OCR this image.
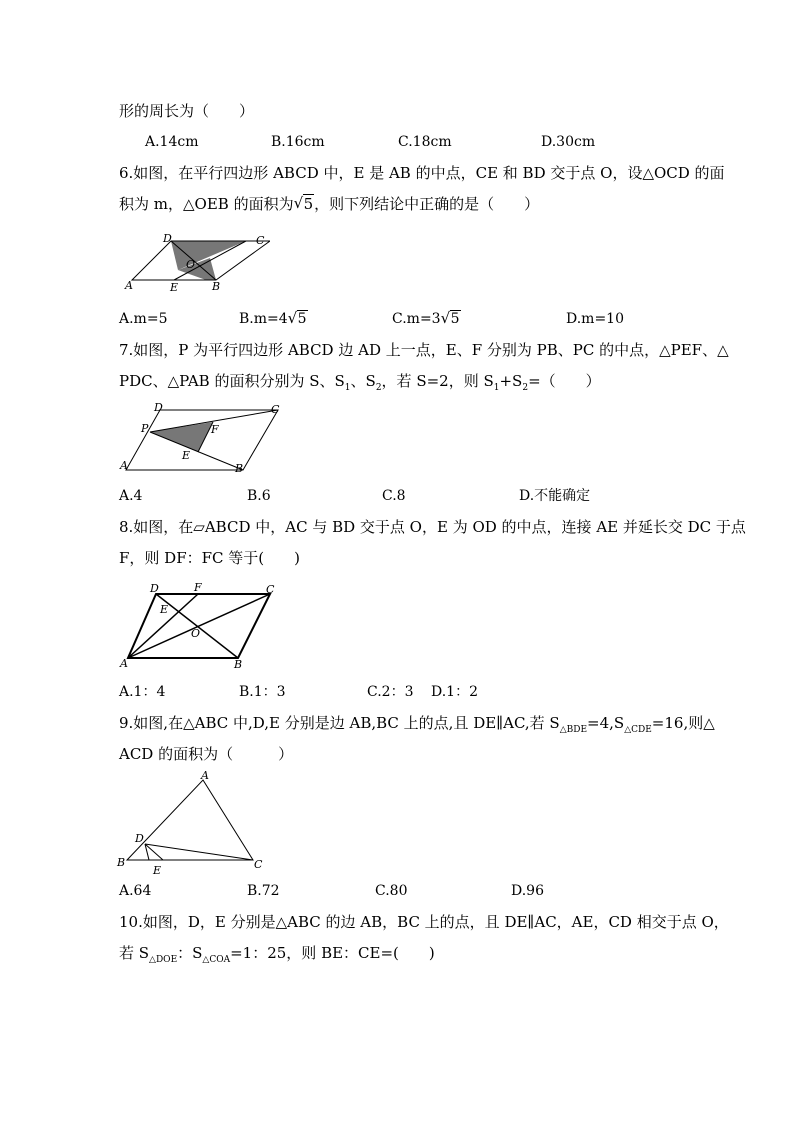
形的周长为（　　）
A.14cm	B.16cm	C.18cm	D.30cm
6.如图，在平行四边形 ABCD 中，E 是 AB 的中点，CE 和 BD 交于点 O，设△OCD 的面
积为 m，△OEB 的面积为 √ 5，则下列结论中正确的是（　　）
D	C
O
A	E	B
A.m=5	B.m=4 √ 5	C.m=3 √ 5	D.m=10
7.如图，P 为平行四边形 ABCD 边 AD 上一点，E、F 分别为 PB、PC 的中点，△PEF、△
PDC、△PAB 的面积分别为 S、$S_1$、$S_2$，若 S=2，则 $S_1+S_2=$（　　）
D	C
P	F
E
A	B
A.4	B.6	C.8	D.不能确定
8.如图，在▱ABCD 中，AC 与 BD 交于点 O，E 为 OD 的中点，连接 AE 并延长交 DC 于点
F，则 DF：FC 等于(　　)
D	F	C
E
O
A	B
A.1：4	B.1：3	C.2：3 D.1：2
9.如图,在△ABC 中,D,E 分别是边 AB,BC 上的点,且 DE∥AC,若 $S_{\triangle BDE}=4,S_{\triangle CDE}=16$,则△
ACD 的面积为（　　　）
A
D
B
E	C
A.64	B.72	C.80	D.96
10.如图，D，E 分别是△ABC 的边 AB，BC 上的点，且 DE∥AC，AE，CD 相交于点 O，
若 $S_{\triangle DOE}$：$S_{\triangle COA}=1$：25，则 BE：CE=(　　)
